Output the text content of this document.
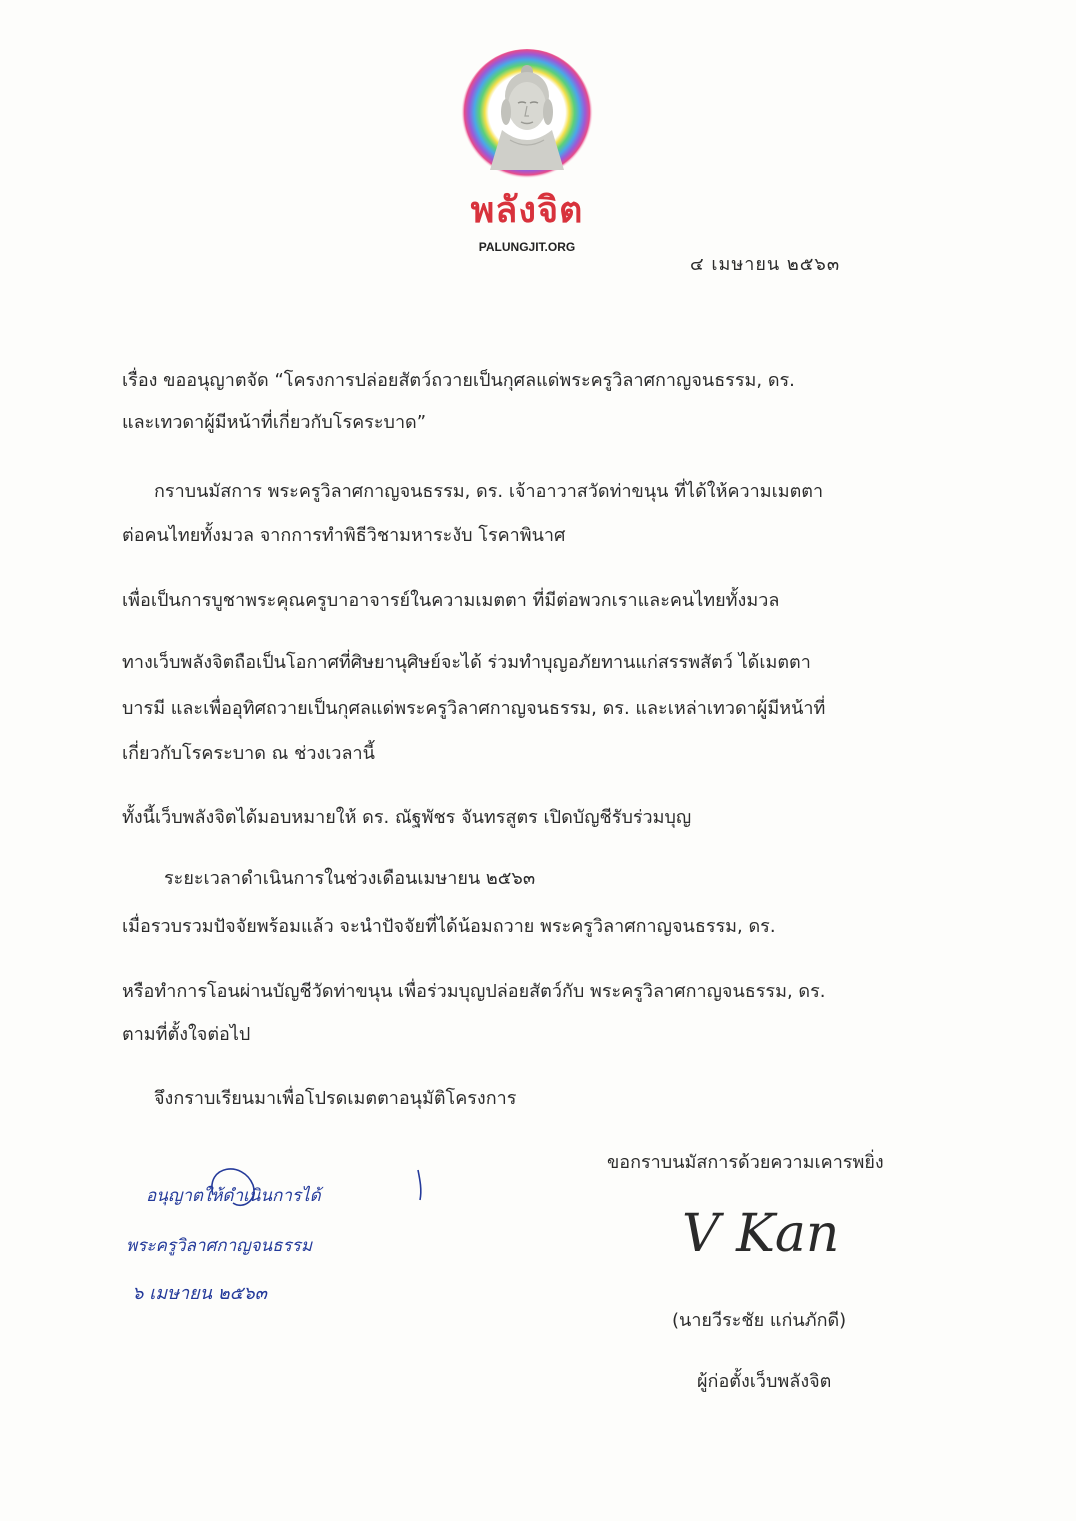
พลังจิต
PALUNGJIT.ORG
๔ เมษายน ๒๕๖๓
เรื่อง ขออนุญาตจัด “โครงการปล่อยสัตว์ถวายเป็นกุศลแด่พระครูวิลาศกาญจนธรรม, ดร.
และเทวดาผู้มีหน้าที่เกี่ยวกับโรคระบาด”
กราบนมัสการ พระครูวิลาศกาญจนธรรม, ดร. เจ้าอาวาสวัดท่าขนุน ที่ได้ให้ความเมตตา
ต่อคนไทยทั้งมวล จากการทำพิธีวิชามหาระงับ โรคาพินาศ
เพื่อเป็นการบูชาพระคุณครูบาอาจารย์ในความเมตตา ที่มีต่อพวกเราและคนไทยทั้งมวล
ทางเว็บพลังจิตถือเป็นโอกาศที่ศิษยานุศิษย์จะได้ ร่วมทำบุญอภัยทานแก่สรรพสัตว์ ได้เมตตา
บารมี และเพื่ออุทิศถวายเป็นกุศลแด่พระครูวิลาศกาญจนธรรม, ดร. และเหล่าเทวดาผู้มีหน้าที่
เกี่ยวกับโรคระบาด ณ ช่วงเวลานี้
ทั้งนี้เว็บพลังจิตได้มอบหมายให้ ดร. ณัฐพัชร จันทรสูตร เปิดบัญชีรับร่วมบุญ
ระยะเวลาดำเนินการในช่วงเดือนเมษายน ๒๕๖๓
เมื่อรวบรวมปัจจัยพร้อมแล้ว จะนำปัจจัยที่ได้น้อมถวาย พระครูวิลาศกาญจนธรรม, ดร.
หรือทำการโอนผ่านบัญชีวัดท่าขนุน เพื่อร่วมบุญปล่อยสัตว์กับ พระครูวิลาศกาญจนธรรม, ดร.
ตามที่ตั้งใจต่อไป
จึงกราบเรียนมาเพื่อโปรดเมตตาอนุมัติโครงการ
ขอกราบนมัสการด้วยความเคารพยิ่ง
อนุญาตให้ดำเนินการได้
พระครูวิลาศกาญจนธรรม
๖ เมษายน ๒๕๖๓
V Kan
(นายวีระชัย แก่นภักดี)
ผู้ก่อตั้งเว็บพลังจิต
